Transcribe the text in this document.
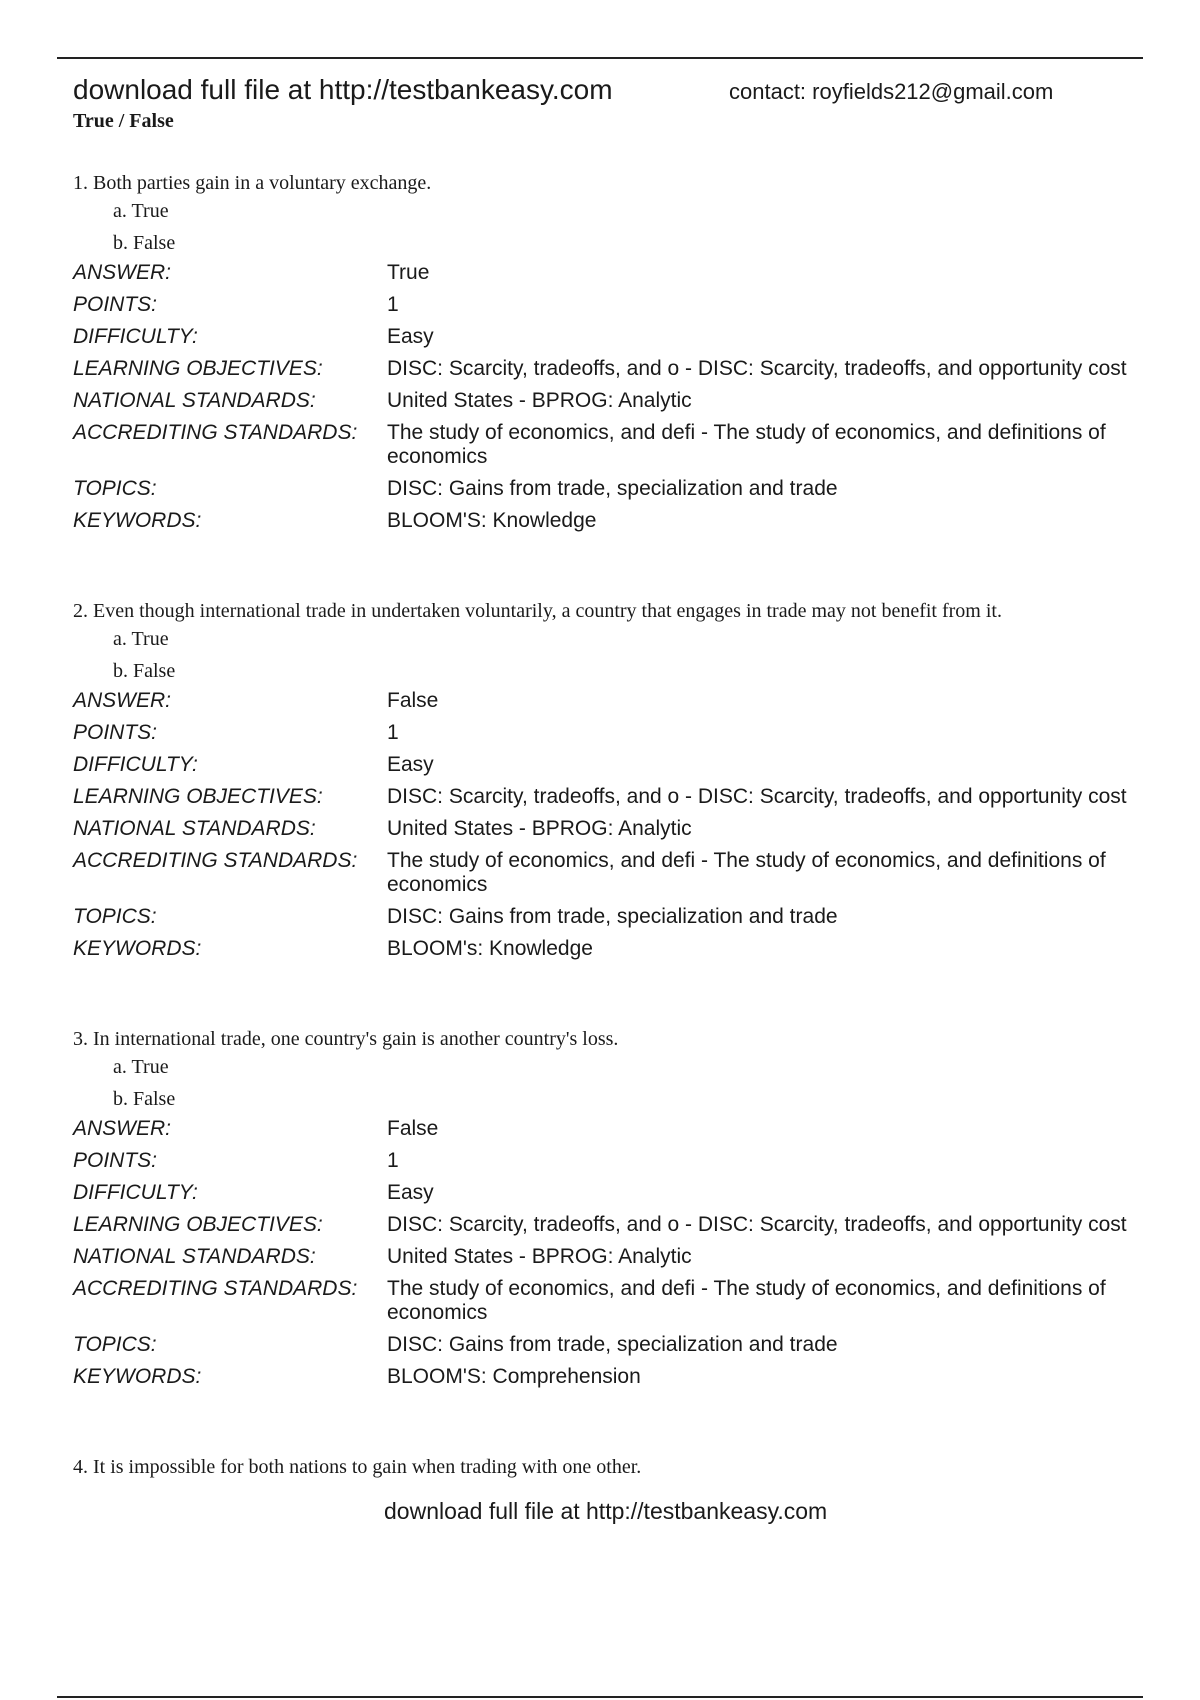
download full file at http://testbankeasy.com	contact: royfields212@gmail.com
True / False
1. Both parties gain in a voluntary exchange.
a. True
b. False
ANSWER:	True
POINTS:	1
DIFFICULTY:	Easy
LEARNING OBJECTIVES:	DISC: Scarcity, tradeoffs, and o - DISC: Scarcity, tradeoffs, and opportunity cost
NATIONAL STANDARDS:	United States - BPROG: Analytic
ACCREDITING STANDARDS:	The study of economics, and defi - The study of economics, and definitions of economics
TOPICS:	DISC: Gains from trade, specialization and trade
KEYWORDS:	BLOOM'S: Knowledge
2. Even though international trade in undertaken voluntarily, a country that engages in trade may not benefit from it.
a. True
b. False
ANSWER:	False
POINTS:	1
DIFFICULTY:	Easy
LEARNING OBJECTIVES:	DISC: Scarcity, tradeoffs, and o - DISC: Scarcity, tradeoffs, and opportunity cost
NATIONAL STANDARDS:	United States - BPROG: Analytic
ACCREDITING STANDARDS:	The study of economics, and defi - The study of economics, and definitions of economics
TOPICS:	DISC: Gains from trade, specialization and trade
KEYWORDS:	BLOOM's: Knowledge
3. In international trade, one country's gain is another country's loss.
a. True
b. False
ANSWER:	False
POINTS:	1
DIFFICULTY:	Easy
LEARNING OBJECTIVES:	DISC: Scarcity, tradeoffs, and o - DISC: Scarcity, tradeoffs, and opportunity cost
NATIONAL STANDARDS:	United States - BPROG: Analytic
ACCREDITING STANDARDS:	The study of economics, and defi - The study of economics, and definitions of economics
TOPICS:	DISC: Gains from trade, specialization and trade
KEYWORDS:	BLOOM'S: Comprehension
4. It is impossible for both nations to gain when trading with one other.
download full file at http://testbankeasy.com
